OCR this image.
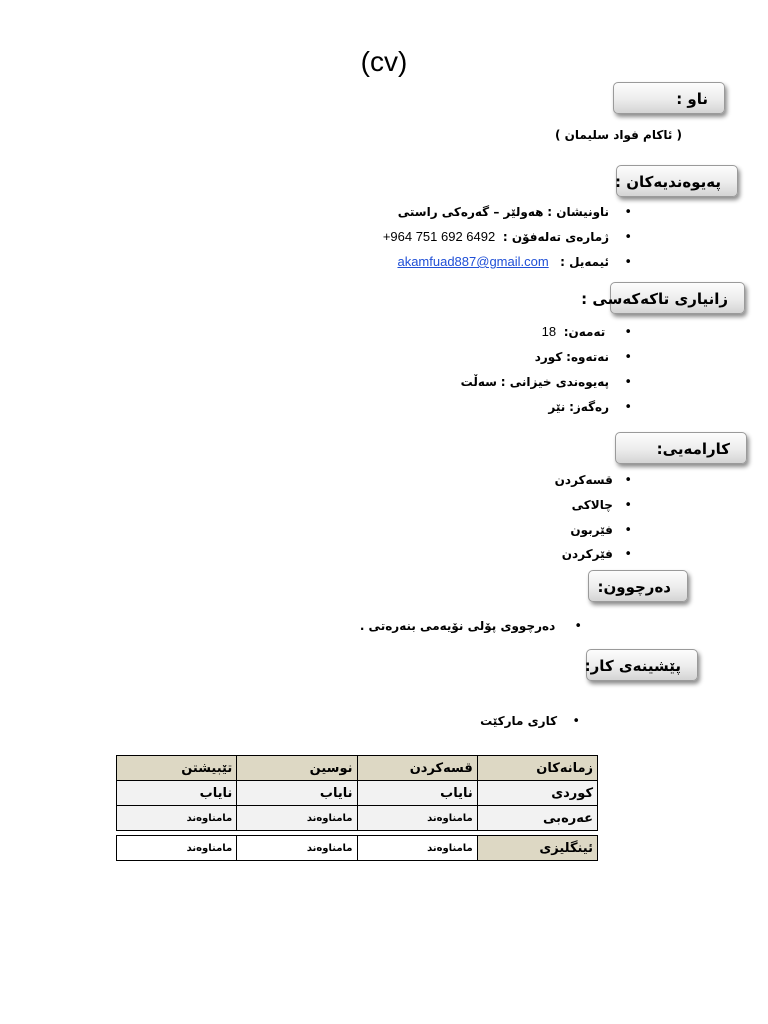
(cv)
ناو :
( ئاكام فواد سليمان )
پەیوەندیەکان :
•    ناونیشان : هەولێر – گەرەکی راستی
•    ژمارەی تەلەفۆن :  +964 751 692 6492
•    ئیمەیل :   akamfuad887@gmail.com
زانیاری تاکەکەسی :
•     تەمەن:  18
•    نەتەوە: کورد
•    پەیوەندی خیزانی : سەڵت
•    رەگەز: نێر
کارامەیی:
•   قسەکردن
•   چالاکی
•   فێربون
•   فێرکردن
دەرچوون:
•     دەرچووی پۆلی نۆیەمی بنەرەتی .
پێشینەی کار:
•    کاری مارکێت
زمانەکان	قسەکردن	نوسین	تێبیشتن
کوردی	نایاب	نایاب	نایاب
عەرەبی	مامناوەند	مامناوەند	مامناوەند

ئینگلیزی	مامناوەند	مامناوەند	مامناوەند
